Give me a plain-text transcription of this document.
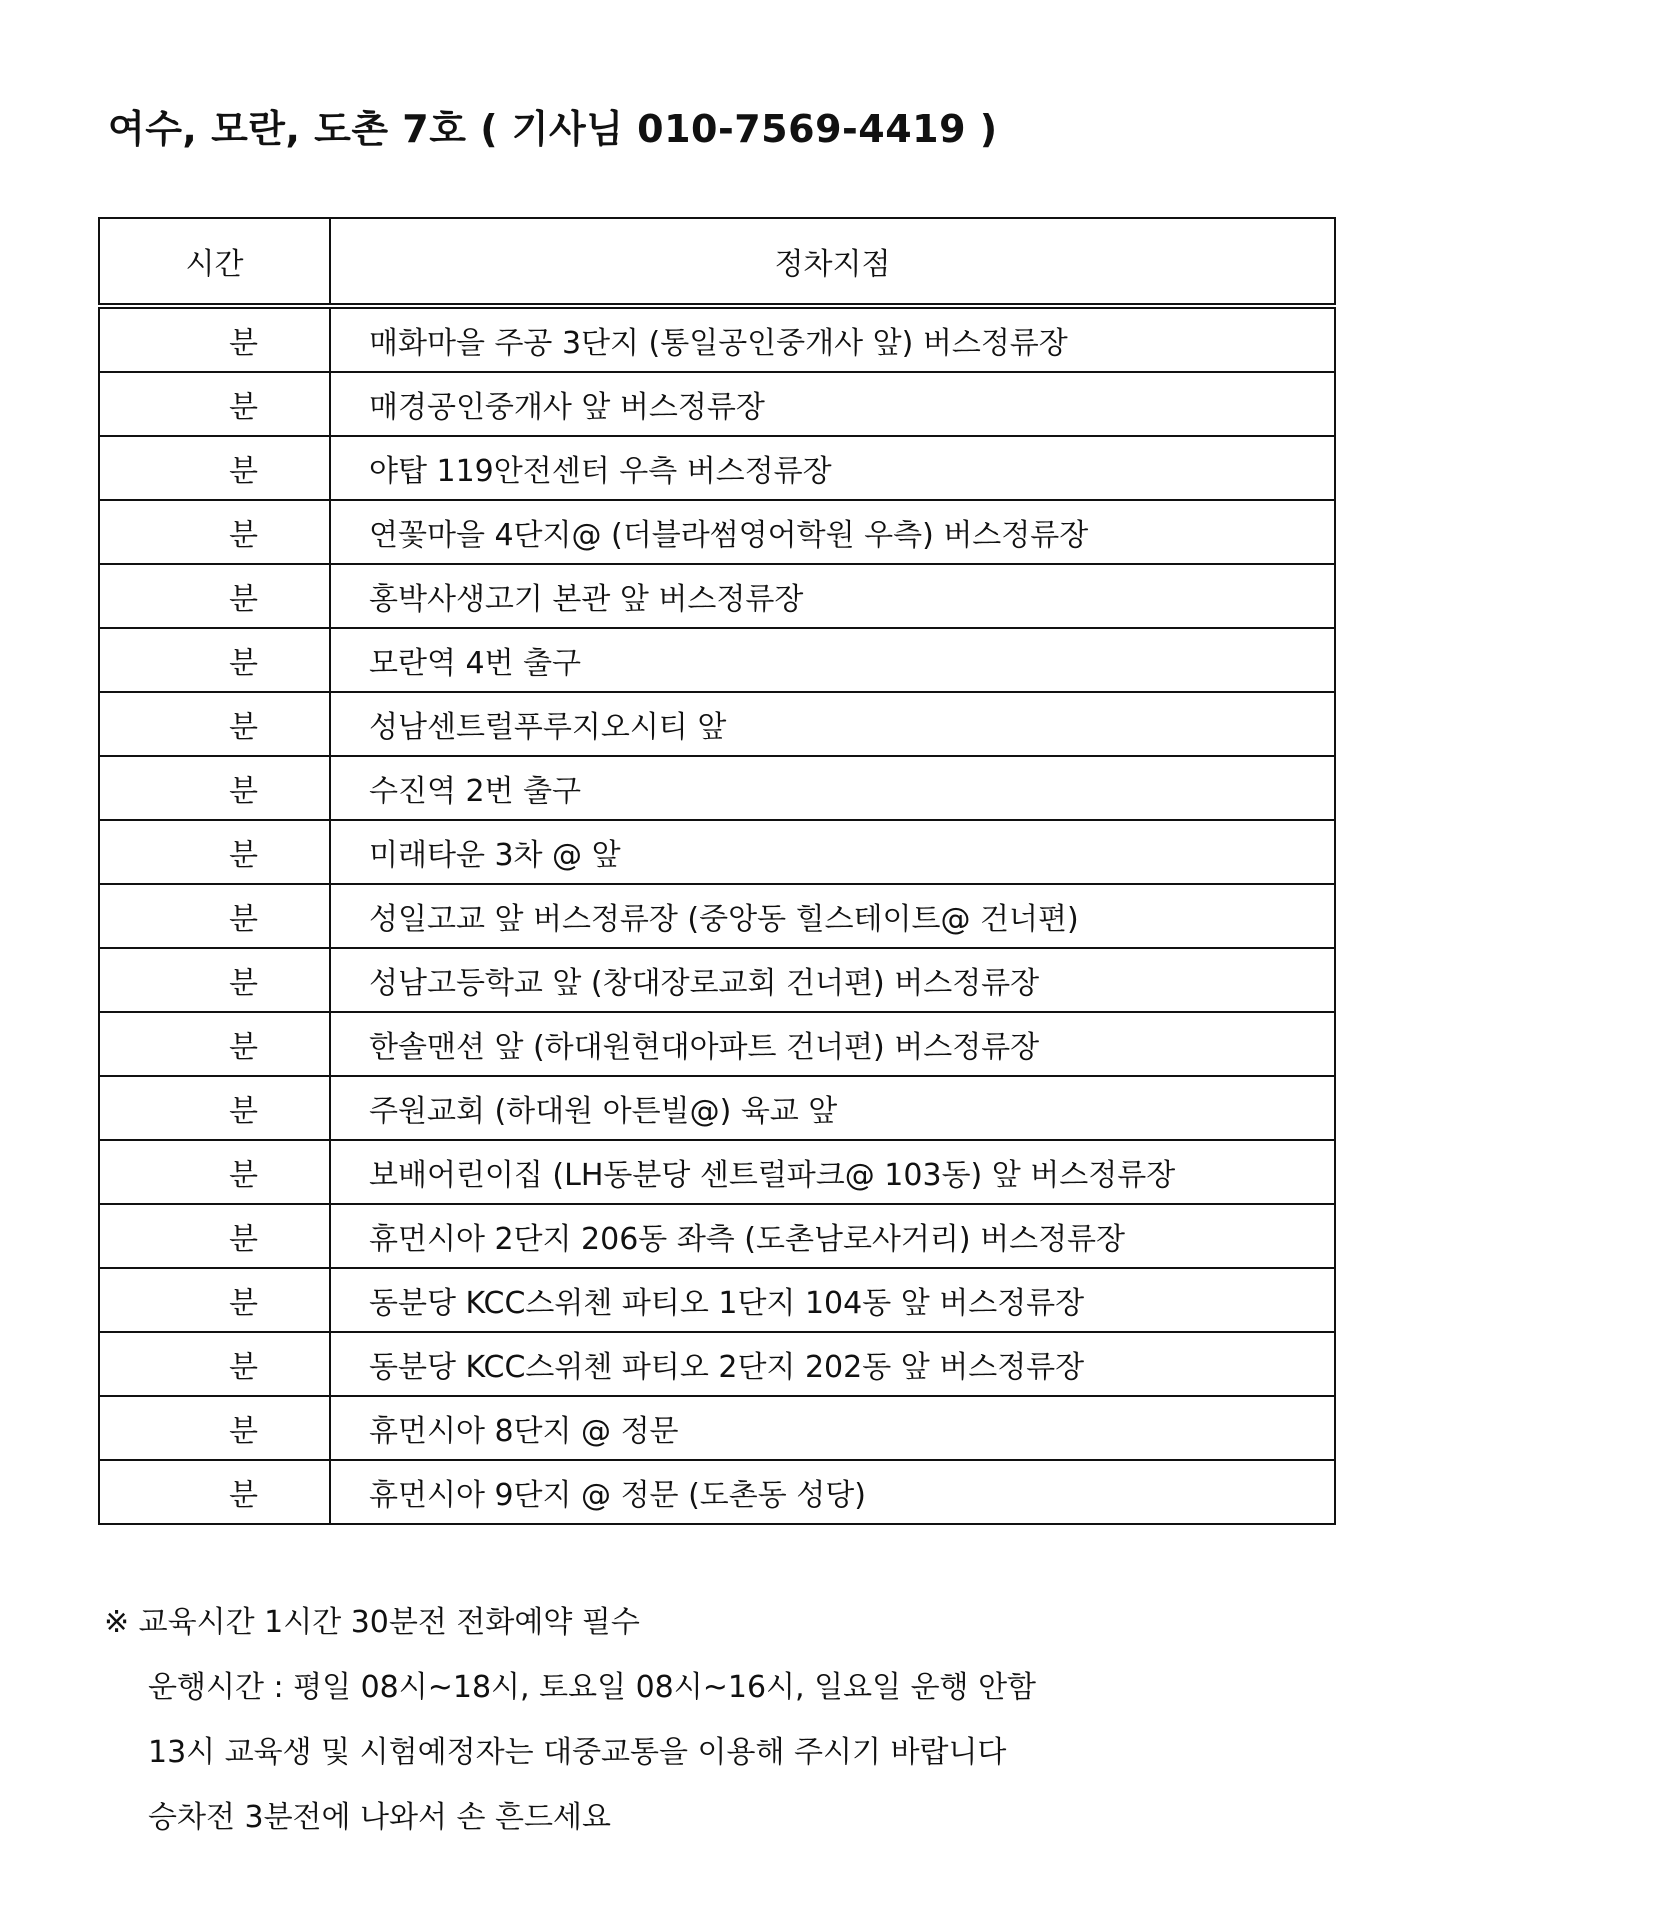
여수, 모란, 도촌 7호 ( 기사님 010-7569-4419 )
시간	정차지점
분	매화마을 주공 3단지 (통일공인중개사 앞) 버스정류장
분	매경공인중개사 앞 버스정류장
분	야탑 119안전센터 우측 버스정류장
분	연꽃마을 4단지@ (더블라썸영어학원 우측) 버스정류장
분	홍박사생고기 본관 앞 버스정류장
분	모란역 4번 출구
분	성남센트럴푸루지오시티 앞
분	수진역 2번 출구
분	미래타운 3차 @ 앞
분	성일고교 앞 버스정류장 (중앙동 힐스테이트@ 건너편)
분	성남고등학교 앞 (창대장로교회 건너편) 버스정류장
분	한솔맨션 앞 (하대원현대아파트 건너편) 버스정류장
분	주원교회 (하대원 아튼빌@) 육교 앞
분	보배어린이집 (LH동분당 센트럴파크@ 103동) 앞 버스정류장
분	휴먼시아 2단지 206동 좌측 (도촌남로사거리) 버스정류장
분	동분당 KCC스위첸 파티오 1단지 104동 앞 버스정류장
분	동분당 KCC스위첸 파티오 2단지 202동 앞 버스정류장
분	휴먼시아 8단지 @ 정문
분	휴먼시아 9단지 @ 정문 (도촌동 성당)
※ 교육시간 1시간 30분전 전화예약 필수
운행시간 : 평일 08시~18시, 토요일 08시~16시, 일요일 운행 안함
13시 교육생 및 시험예정자는 대중교통을 이용해 주시기 바랍니다
승차전 3분전에 나와서 손 흔드세요
